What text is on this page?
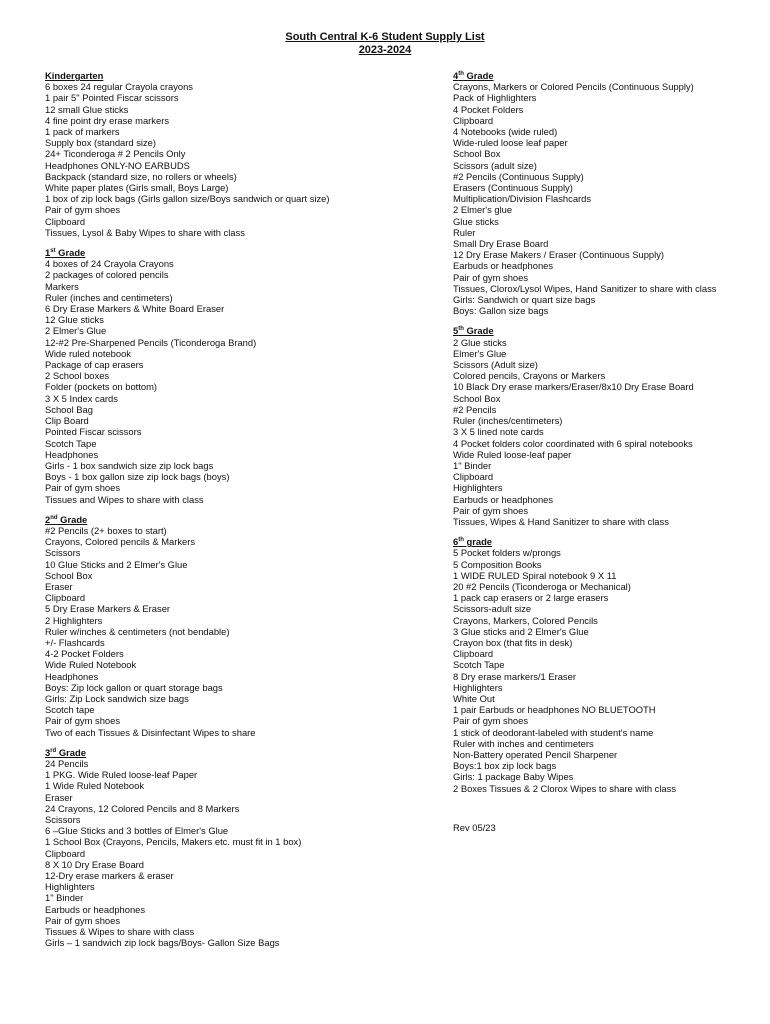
South Central K-6 Student Supply List
2023-2024
Kindergarten
6 boxes 24 regular Crayola crayons
1 pair 5" Pointed Fiscar scissors
12 small Glue sticks
4 fine point dry erase markers
1 pack of markers
Supply box (standard size)
24+ Ticonderoga # 2 Pencils Only
Headphones ONLY-NO EARBUDS
Backpack (standard size, no rollers or wheels)
White paper plates (Girls small, Boys Large)
1 box of zip lock bags (Girls gallon size/Boys sandwich or quart size)
Pair of gym shoes
Clipboard
Tissues, Lysol & Baby Wipes to share with class
1st Grade
4 boxes of 24 Crayola Crayons
2 packages of colored pencils
Markers
Ruler (inches and centimeters)
6 Dry Erase Markers & White Board Eraser
12 Glue sticks
2 Elmer's Glue
12-#2 Pre-Sharpened Pencils (Ticonderoga Brand)
Wide ruled notebook
Package of cap erasers
2 School boxes
Folder (pockets on bottom)
3 X 5 Index cards
School Bag
Clip Board
Pointed Fiscar scissors
Scotch Tape
Headphones
Girls - 1 box sandwich size zip lock bags
Boys - 1 box gallon size zip lock bags (boys)
Pair of gym shoes
Tissues and Wipes to share with class
2nd Grade
#2 Pencils (2+ boxes to start)
Crayons, Colored pencils & Markers
Scissors
10 Glue Sticks and 2 Elmer's Glue
School Box
Eraser
Clipboard
5 Dry Erase Markers & Eraser
2 Highlighters
Ruler w/inches & centimeters (not bendable)
+/- Flashcards
4-2 Pocket Folders
Wide Ruled Notebook
Headphones
Boys: Zip lock gallon or quart storage bags
Girls: Zip Lock sandwich size bags
Scotch tape
Pair of gym shoes
Two of each Tissues & Disinfectant Wipes to share
3rd Grade
24 Pencils
1 PKG. Wide Ruled loose-leaf Paper
1 Wide Ruled Notebook
Eraser
24 Crayons, 12 Colored Pencils and 8 Markers
Scissors
6 –Glue Sticks and 3 bottles of Elmer's Glue
1 School Box (Crayons, Pencils, Makers etc. must fit in 1 box)
Clipboard
8 X 10 Dry Erase Board
12-Dry erase markers & eraser
Highlighters
1" Binder
Earbuds or headphones
Pair of gym shoes
Tissues & Wipes to share with class
Girls – 1 sandwich zip lock bags/Boys- Gallon Size Bags
4th Grade
Crayons, Markers or Colored Pencils (Continuous Supply)
Pack of Highlighters
4 Pocket Folders
Clipboard
4 Notebooks (wide ruled)
Wide-ruled loose leaf paper
School Box
Scissors (adult size)
#2 Pencils (Continuous Supply)
Erasers (Continuous Supply)
Multiplication/Division Flashcards
2 Elmer's glue
Glue sticks
Ruler
Small Dry Erase Board
12 Dry Erase Makers / Eraser (Continuous Supply)
Earbuds or headphones
Pair of gym shoes
Tissues, Clorox/Lysol Wipes, Hand Sanitizer to share with class
Girls: Sandwich or quart size bags
Boys: Gallon size bags
5th Grade
2 Glue sticks
Elmer's Glue
Scissors (Adult size)
Colored pencils, Crayons or Markers
10 Black Dry erase markers/Eraser/8x10 Dry Erase Board
School Box
#2 Pencils
Ruler (inches/centimeters)
3 X 5 lined note cards
4 Pocket folders color coordinated with 6 spiral notebooks
Wide Ruled loose-leaf paper
1" Binder
Clipboard
Highlighters
Earbuds or headphones
Pair of gym shoes
Tissues, Wipes & Hand Sanitizer to share with class
6th grade
5 Pocket folders w/prongs
5 Composition Books
1 WIDE RULED Spiral notebook 9 X 11
20 #2 Pencils (Ticonderoga or Mechanical)
1 pack cap erasers or 2 large erasers
Scissors-adult size
Crayons, Markers, Colored Pencils
3 Glue sticks and 2 Elmer's Glue
Crayon box (that fits in desk)
Clipboard
Scotch Tape
8 Dry erase markers/1 Eraser
Highlighters
White Out
1 pair Earbuds or headphones NO BLUETOOTH
Pair of gym shoes
1 stick of deodorant-labeled with student's name
Ruler with inches and centimeters
Non-Battery operated Pencil Sharpener
Boys:1 box zip lock bags
Girls: 1 package Baby Wipes
2 Boxes Tissues & 2 Clorox Wipes to share with class
Rev 05/23
